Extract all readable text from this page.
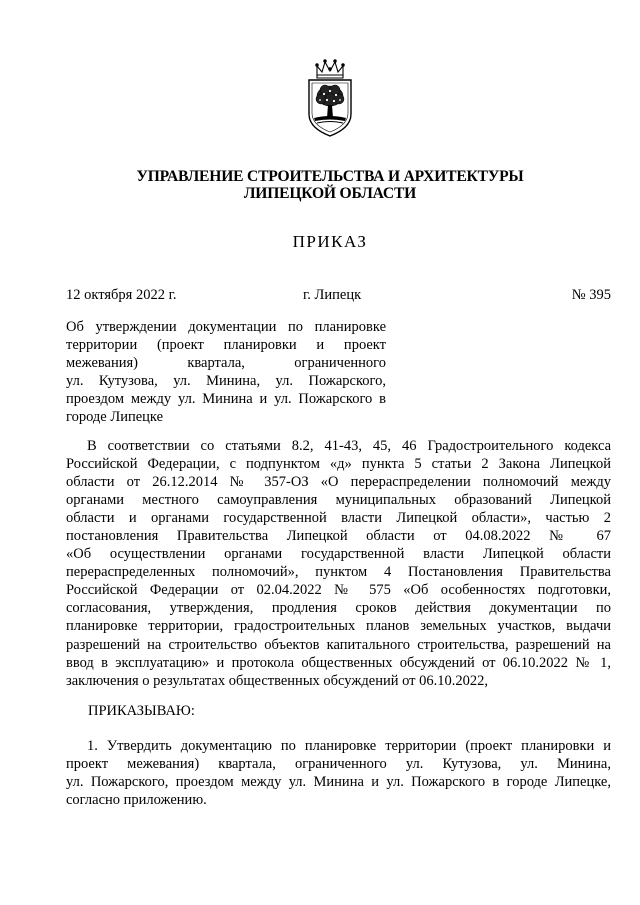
УПРАВЛЕНИЕ СТРОИТЕЛЬСТВА И АРХИТЕКТУРЫ
ЛИПЕЦКОЙ ОБЛАСТИ
ПРИКАЗ
12 октября 2022 г.	г. Липецк	№ 395
Об утверждении документации по планировке
территории (проект планировки и проект
межевания) квартала, ограниченного
ул. Кутузова, ул. Минина, ул. Пожарского,
проездом между ул. Минина и ул. Пожарского в
городе Липецке
В соответствии со статьями 8.2, 41-43, 45, 46 Градостроительного кодекса
Российской Федерации, с подпунктом «д» пункта 5 статьи 2 Закона Липецкой
области от 26.12.2014 № 357-ОЗ «О перераспределении полномочий между
органами местного самоуправления муниципальных образований Липецкой
области и органами государственной власти Липецкой области», частью 2
постановления Правительства Липецкой области от 04.08.2022 № 67
«Об осуществлении органами государственной власти Липецкой области
перераспределенных полномочий», пунктом 4 Постановления Правительства
Российской Федерации от 02.04.2022 № 575 «Об особенностях подготовки,
согласования, утверждения, продления сроков действия документации по
планировке территории, градостроительных планов земельных участков, выдачи
разрешений на строительство объектов капитального строительства, разрешений на
ввод в эксплуатацию» и протокола общественных обсуждений от 06.10.2022 № 1,
заключения о результатах общественных обсуждений от 06.10.2022,
ПРИКАЗЫВАЮ:
1. Утвердить документацию по планировке территории (проект планировки и
проект межевания) квартала, ограниченного ул. Кутузова, ул. Минина,
ул. Пожарского, проездом между ул. Минина и ул. Пожарского в городе Липецке,
согласно приложению.
